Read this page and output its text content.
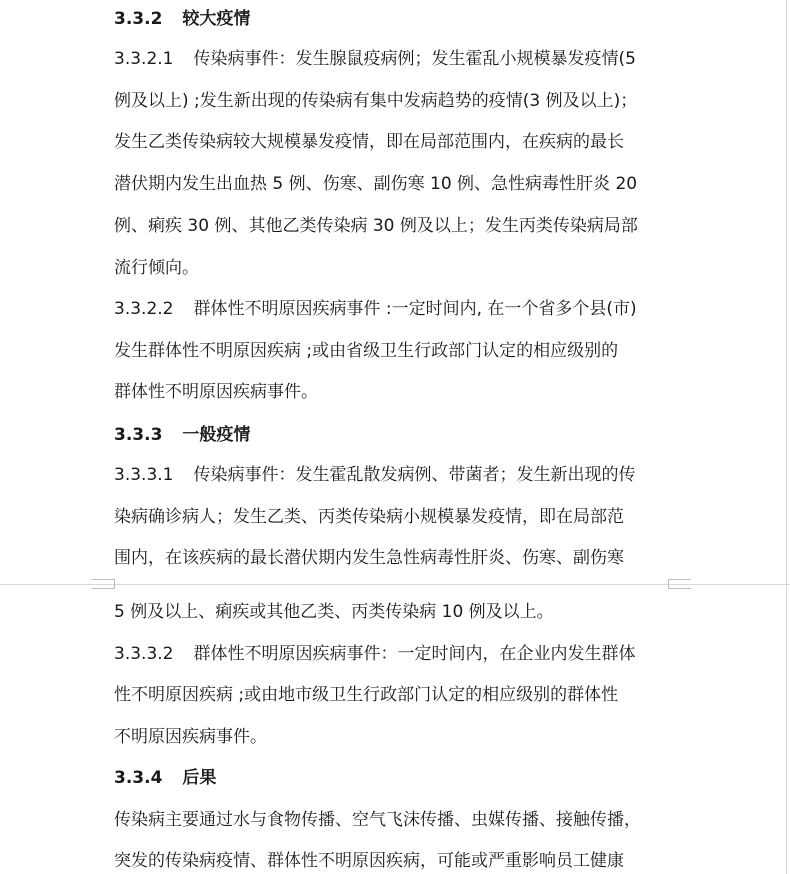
3.3.2 较大疫情
3.3.2.1 传染病事件：发生腺鼠疫病例；发生霍乱小规模暴发疫情(5
例及以上) ;发生新出现的传染病有集中发病趋势的疫情(3 例及以上)；
发生乙类传染病较大规模暴发疫情，即在局部范围内，在疾病的最长
潜伏期内发生出血热 5 例、伤寒、副伤寒 10 例、急性病毒性肝炎 20
例、痢疾 30 例、其他乙类传染病 30 例及以上；发生丙类传染病局部
流行倾向。
3.3.2.2 群体性不明原因疾病事件 :一定时间内, 在一个省多个县(市)
发生群体性不明原因疾病 ;或由省级卫生行政部门认定的相应级别的
群体性不明原因疾病事件。
3.3.3 一般疫情
3.3.3.1 传染病事件：发生霍乱散发病例、带菌者；发生新出现的传
染病确诊病人；发生乙类、丙类传染病小规模暴发疫情，即在局部范
围内，在该疾病的最长潜伏期内发生急性病毒性肝炎、伤寒、副伤寒
5 例及以上、痢疾或其他乙类、丙类传染病 10 例及以上。
3.3.3.2 群体性不明原因疾病事件：一定时间内，在企业内发生群体
性不明原因疾病 ;或由地市级卫生行政部门认定的相应级别的群体性
不明原因疾病事件。
3.3.4 后果
传染病主要通过水与食物传播、空气飞沫传播、虫媒传播、接触传播，
突发的传染病疫情、群体性不明原因疾病，可能或严重影响员工健康
